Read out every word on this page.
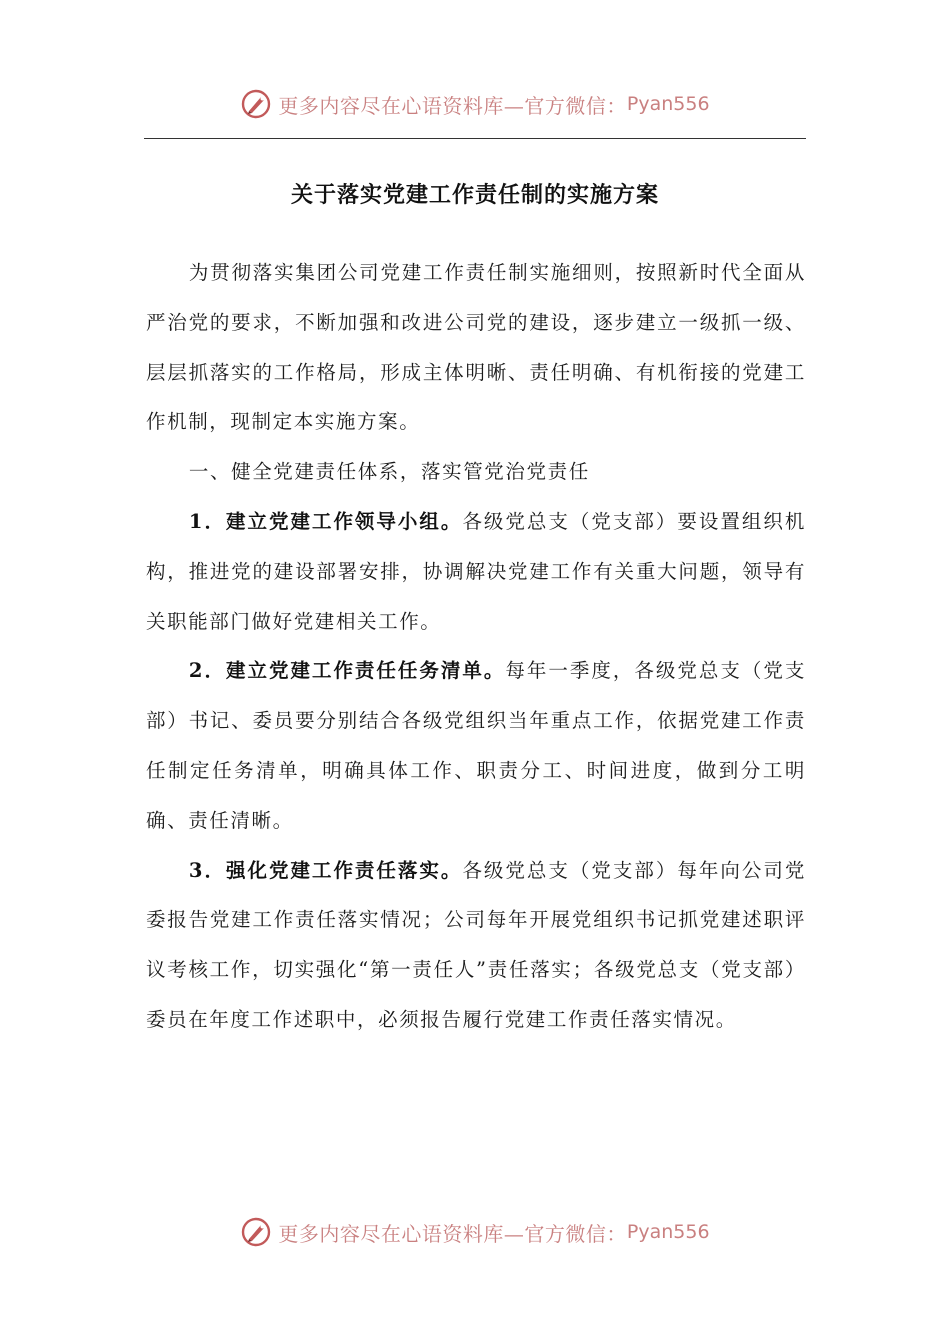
更多内容尽在心语资料库—官方微信： Pyan556
关于落实党建工作责任制的实施方案

为贯彻落实集团公司党建工作责任制实施细则，按照新时代全面从严治党的要求，不断加强和改进公司党的建设，逐步建立一级抓一级、层层抓落实的工作格局，形成主体明晰、责任明确、有机衔接的党建工作机制，现制定本实施方案。

一、健全党建责任体系，落实管党治党责任

1．建立党建工作领导小组。各级党总支（党支部）要设置组织机构，推进党的建设部署安排，协调解决党建工作有关重大问题，领导有关职能部门做好党建相关工作。

2．建立党建工作责任任务清单。每年一季度，各级党总支（党支部）书记、委员要分别结合各级党组织当年重点工作，依据党建工作责任制定任务清单，明确具体工作、职责分工、时间进度，做到分工明确、责任清晰。

3．强化党建工作责任落实。各级党总支（党支部）每年向公司党委报告党建工作责任落实情况；公司每年开展党组织书记抓党建述职评议考核工作，切实强化“第一责任人”责任落实；各级党总支（党支部）委员在年度工作述职中，必须报告履行党建工作责任落实情况。

更多内容尽在心语资料库—官方微信： Pyan556
